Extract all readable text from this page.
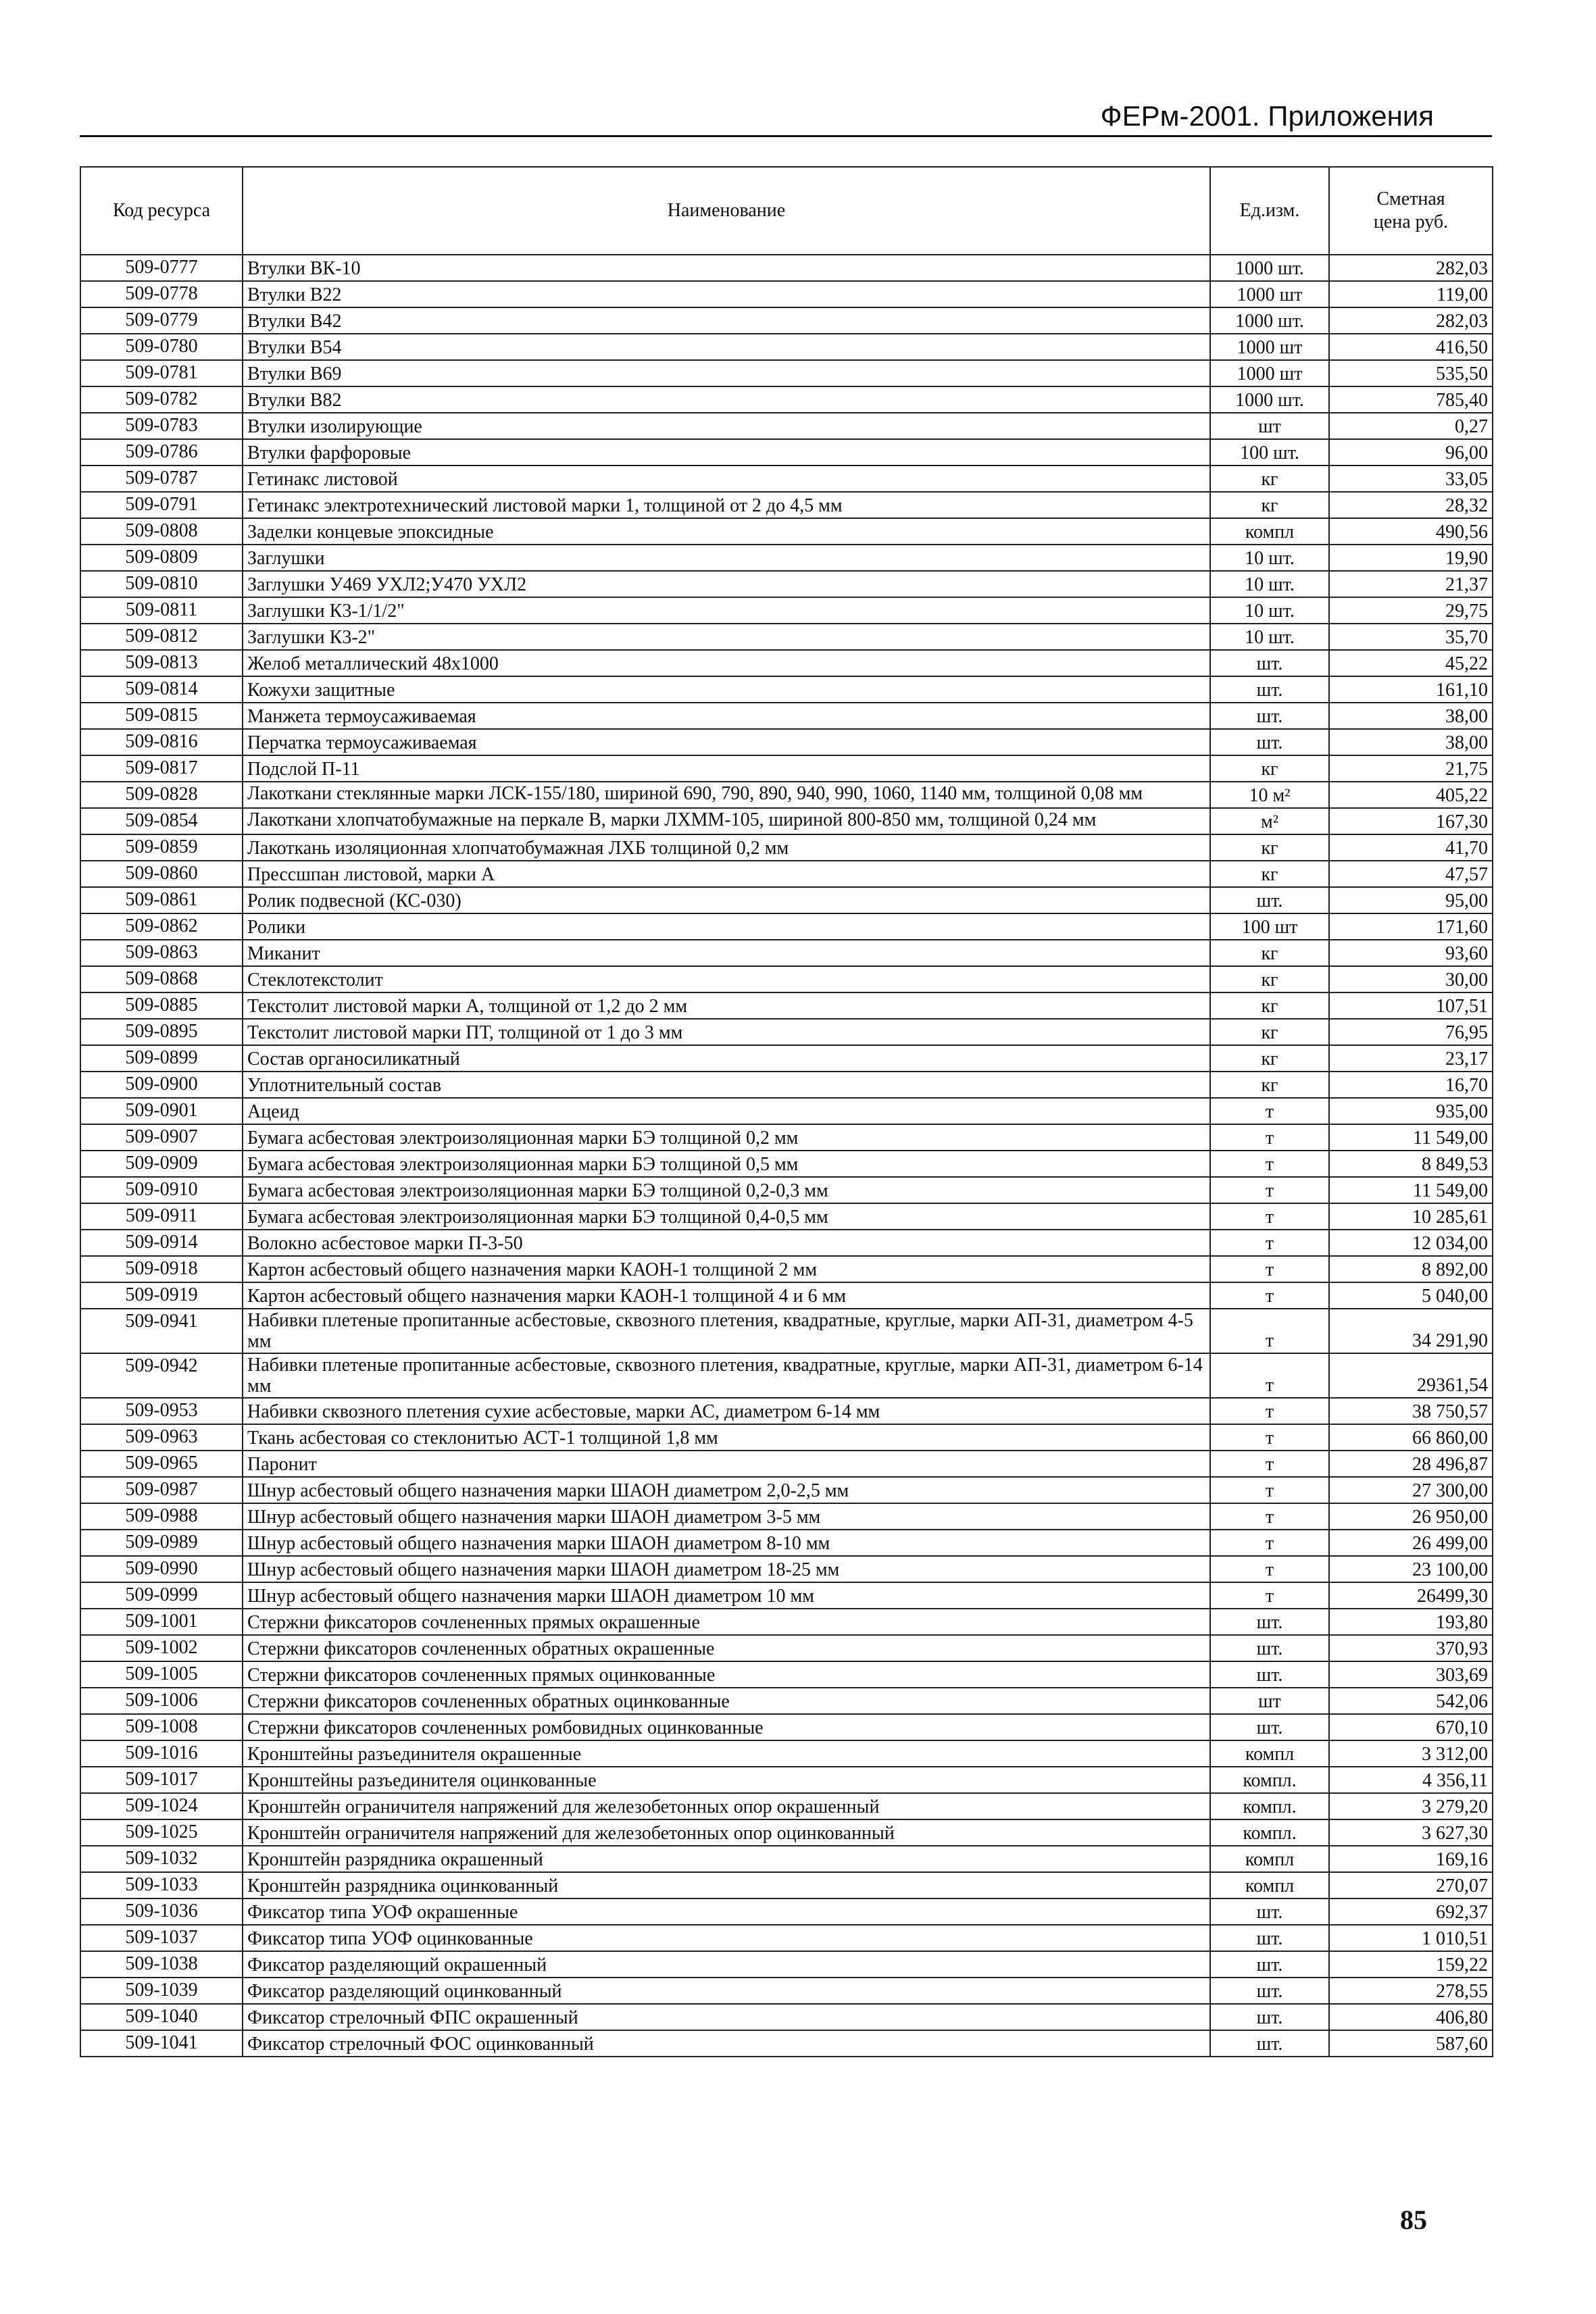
ФЕРм-2001. Приложения
Код ресурса	Наименование	Ед.изм.	Сметная цена руб.
509-0777	Втулки ВК-10	1000 шт.	282,03
509-0778	Втулки В22	1000 шт	119,00
509-0779	Втулки В42	1000 шт.	282,03
509-0780	Втулки В54	1000 шт	416,50
509-0781	Втулки В69	1000 шт	535,50
509-0782	Втулки В82	1000 шт.	785,40
509-0783	Втулки изолирующие	шт	0,27
509-0786	Втулки фарфоровые	100 шт.	96,00
509-0787	Гетинакс листовой	кг	33,05
509-0791	Гетинакс электротехнический листовой марки 1, толщиной от 2 до 4,5 мм	кг	28,32
509-0808	Заделки концевые эпоксидные	компл	490,56
509-0809	Заглушки	10 шт.	19,90
509-0810	Заглушки У469 УХЛ2;У470 УХЛ2	10 шт.	21,37
509-0811	Заглушки К3-1/1/2"	10 шт.	29,75
509-0812	Заглушки К3-2"	10 шт.	35,70
509-0813	Желоб металлический 48х1000	шт.	45,22
509-0814	Кожухи защитные	шт.	161,10
509-0815	Манжета термоусаживаемая	шт.	38,00
509-0816	Перчатка термоусаживаемая	шт.	38,00
509-0817	Подслой П-11	кг	21,75
509-0828	Лакоткани стеклянные марки ЛСК-155/180, шириной 690, 790, 890, 940, 990, 1060, 1140 мм, толщиной 0,08 мм	10 м²	405,22
509-0854	Лакоткани хлопчатобумажные на перкале В, марки ЛХММ-105, шириной 800-850 мм, толщиной 0,24 мм	м²	167,30
509-0859	Лакоткань изоляционная хлопчатобумажная ЛХБ толщиной 0,2 мм	кг	41,70
509-0860	Прессшпан листовой, марки А	кг	47,57
509-0861	Ролик подвесной (КС-030)	шт.	95,00
509-0862	Ролики	100 шт	171,60
509-0863	Миканит	кг	93,60
509-0868	Стеклотекстолит	кг	30,00
509-0885	Текстолит листовой марки А, толщиной от 1,2 до 2 мм	кг	107,51
509-0895	Текстолит листовой марки ПТ, толщиной от 1 до 3 мм	кг	76,95
509-0899	Состав органосиликатный	кг	23,17
509-0900	Уплотнительный состав	кг	16,70
509-0901	Ацеид	т	935,00
509-0907	Бумага асбестовая электроизоляционная марки БЭ толщиной 0,2 мм	т	11 549,00
509-0909	Бумага асбестовая электроизоляционная марки БЭ толщиной 0,5 мм	т	8 849,53
509-0910	Бумага асбестовая электроизоляционная марки БЭ толщиной 0,2-0,3 мм	т	11 549,00
509-0911	Бумага асбестовая электроизоляционная марки БЭ толщиной 0,4-0,5 мм	т	10 285,61
509-0914	Волокно асбестовое марки П-3-50	т	12 034,00
509-0918	Картон асбестовый общего назначения марки КАОН-1 толщиной 2 мм	т	8 892,00
509-0919	Картон асбестовый общего назначения марки КАОН-1 толщиной 4 и 6 мм	т	5 040,00
509-0941	Набивки плетеные пропитанные асбестовые, сквозного плетения, квадратные, круглые, марки АП-31, диаметром 4-5 мм	т	34 291,90
509-0942	Набивки плетеные пропитанные асбестовые, сквозного плетения, квадратные, круглые, марки АП-31, диаметром 6-14 мм	т	29361,54
509-0953	Набивки сквозного плетения сухие асбестовые, марки АС, диаметром 6-14 мм	т	38 750,57
509-0963	Ткань асбестовая со стеклонитью АСТ-1 толщиной 1,8 мм	т	66 860,00
509-0965	Паронит	т	28 496,87
509-0987	Шнур асбестовый общего назначения марки ШАОН диаметром 2,0-2,5 мм	т	27 300,00
509-0988	Шнур асбестовый общего назначения марки ШАОН диаметром 3-5 мм	т	26 950,00
509-0989	Шнур асбестовый общего назначения марки ШАОН диаметром 8-10 мм	т	26 499,00
509-0990	Шнур асбестовый общего назначения марки ШАОН диаметром 18-25 мм	т	23 100,00
509-0999	Шнур асбестовый общего назначения марки ШАОН диаметром 10 мм	т	26499,30
509-1001	Стержни фиксаторов сочлененных прямых окрашенные	шт.	193,80
509-1002	Стержни фиксаторов сочлененных обратных окрашенные	шт.	370,93
509-1005	Стержни фиксаторов сочлененных прямых оцинкованные	шт.	303,69
509-1006	Стержни фиксаторов сочлененных обратных оцинкованные	шт	542,06
509-1008	Стержни фиксаторов сочлененных ромбовидных оцинкованные	шт.	670,10
509-1016	Кронштейны разъединителя окрашенные	компл	3 312,00
509-1017	Кронштейны разъединителя оцинкованные	компл.	4 356,11
509-1024	Кронштейн ограничителя напряжений для железобетонных опор окрашенный	компл.	3 279,20
509-1025	Кронштейн ограничителя напряжений для железобетонных опор оцинкованный	компл.	3 627,30
509-1032	Кронштейн разрядника окрашенный	компл	169,16
509-1033	Кронштейн разрядника оцинкованный	компл	270,07
509-1036	Фиксатор типа УОФ окрашенные	шт.	692,37
509-1037	Фиксатор типа УОФ оцинкованные	шт.	1 010,51
509-1038	Фиксатор разделяющий окрашенный	шт.	159,22
509-1039	Фиксатор разделяющий оцинкованный	шт.	278,55
509-1040	Фиксатор стрелочный ФПС окрашенный	шт.	406,80
509-1041	Фиксатор стрелочный ФОС оцинкованный	шт.	587,60
85
